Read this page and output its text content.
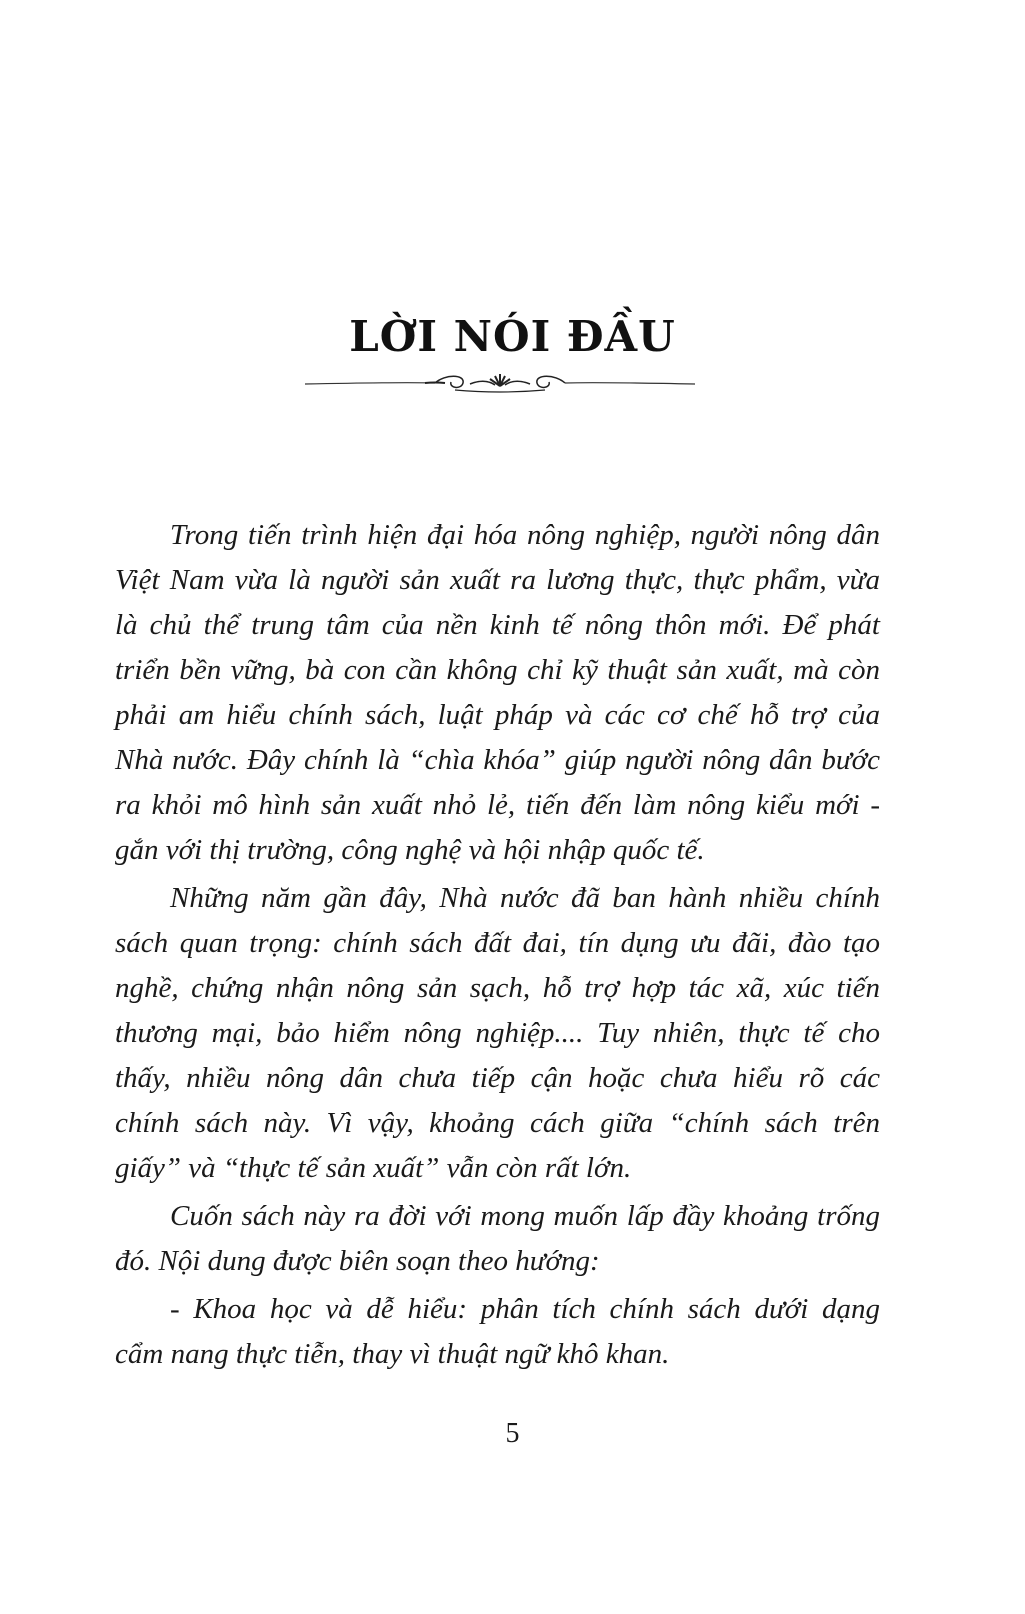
LỜI NÓI ĐẦU
Trong tiến trình hiện đại hóa nông nghiệp, người nông dân
Việt Nam vừa là người sản xuất ra lương thực, thực phẩm, vừa
là chủ thể trung tâm của nền kinh tế nông thôn mới. Để phát
triển bền vững, bà con cần không chỉ kỹ thuật sản xuất, mà còn
phải am hiểu chính sách, luật pháp và các cơ chế hỗ trợ của
Nhà nước. Đây chính là “chìa khóa” giúp người nông dân bước
ra khỏi mô hình sản xuất nhỏ lẻ, tiến đến làm nông kiểu mới -
gắn với thị trường, công nghệ và hội nhập quốc tế.
Những năm gần đây, Nhà nước đã ban hành nhiều chính
sách quan trọng: chính sách đất đai, tín dụng ưu đãi, đào tạo
nghề, chứng nhận nông sản sạch, hỗ trợ hợp tác xã, xúc tiến
thương mại, bảo hiểm nông nghiệp.... Tuy nhiên, thực tế cho
thấy, nhiều nông dân chưa tiếp cận hoặc chưa hiểu rõ các
chính sách này. Vì vậy, khoảng cách giữa “chính sách trên
giấy” và “thực tế sản xuất” vẫn còn rất lớn.
Cuốn sách này ra đời với mong muốn lấp đầy khoảng trống
đó. Nội dung được biên soạn theo hướng:
- Khoa học và dễ hiểu: phân tích chính sách dưới dạng
cẩm nang thực tiễn, thay vì thuật ngữ khô khan.
5
